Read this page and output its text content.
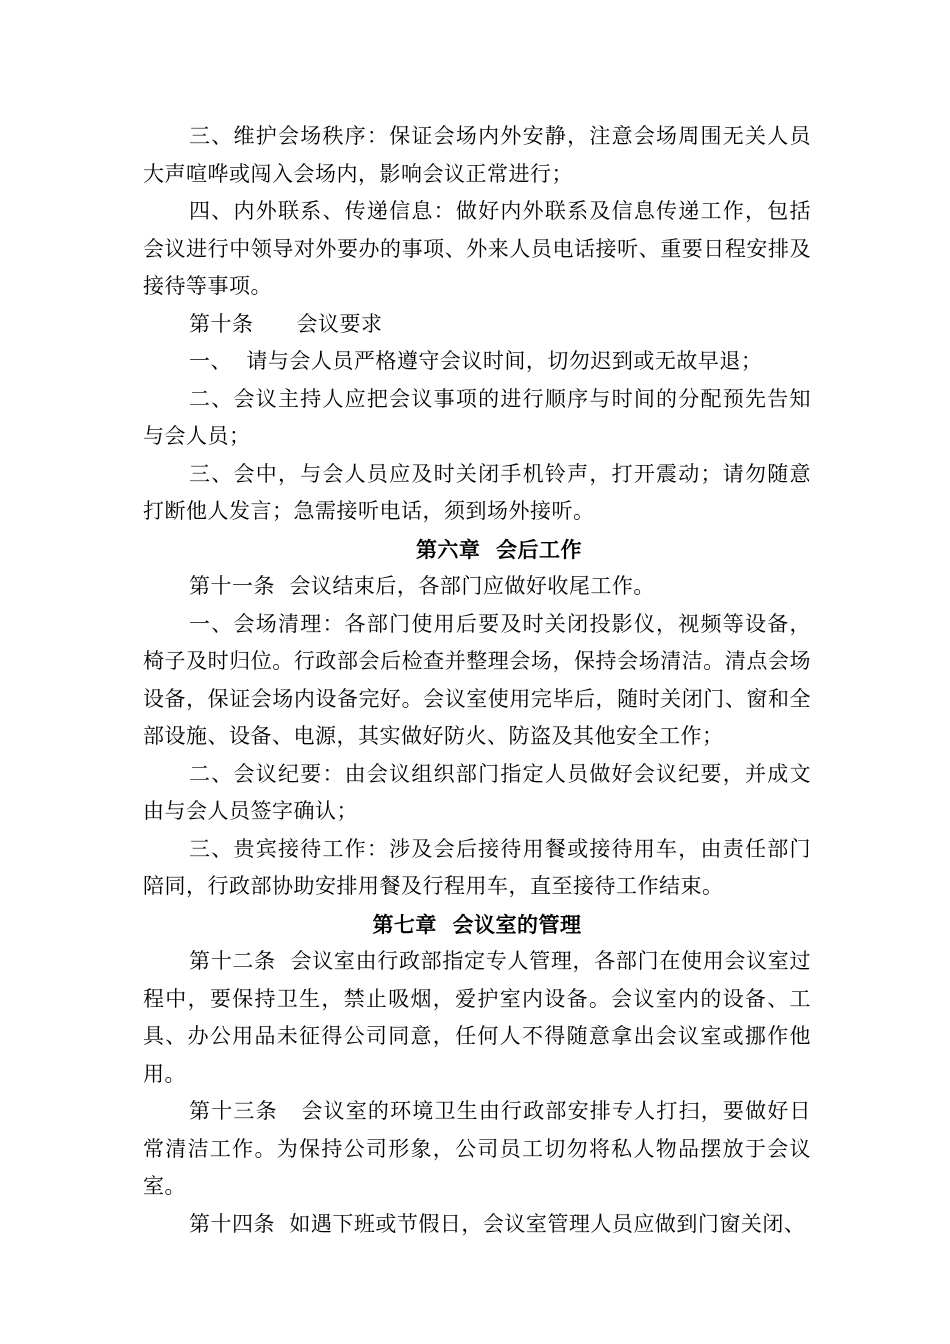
三、维护会场秩序：保证会场内外安静，注意会场周围无关人员大声喧哗或闯入会场内，影响会议正常进行；

四、内外联系、传递信息：做好内外联系及信息传递工作，包括会议进行中领导对外要办的事项、外来人员电话接听、重要日程安排及接待等事项。

第十条　　会议要求

一、  请与会人员严格遵守会议时间，切勿迟到或无故早退；

二、会议主持人应把会议事项的进行顺序与时间的分配预先告知与会人员；

三、会中，与会人员应及时关闭手机铃声，打开震动；请勿随意打断他人发言；急需接听电话，须到场外接听。

第六章  会后工作

第十一条  会议结束后，各部门应做好收尾工作。

一、会场清理：各部门使用后要及时关闭投影仪，视频等设备，椅子及时归位。行政部会后检查并整理会场，保持会场清洁。清点会场设备，保证会场内设备完好。会议室使用完毕后，随时关闭门、窗和全部设施、设备、电源，其实做好防火、防盗及其他安全工作；

二、会议纪要：由会议组织部门指定人员做好会议纪要，并成文由与会人员签字确认；

三、贵宾接待工作：涉及会后接待用餐或接待用车，由责任部门陪同，行政部协助安排用餐及行程用车，直至接待工作结束。

第七章  会议室的管理

第十二条  会议室由行政部指定专人管理，各部门在使用会议室过程中，要保持卫生，禁止吸烟，爱护室内设备。会议室内的设备、工具、办公用品未征得公司同意，任何人不得随意拿出会议室或挪作他用。

第十三条   会议室的环境卫生由行政部安排专人打扫，要做好日常清洁工作。为保持公司形象，公司员工切勿将私人物品摆放于会议室。

第十四条  如遇下班或节假日，会议室管理人员应做到门窗关闭、
